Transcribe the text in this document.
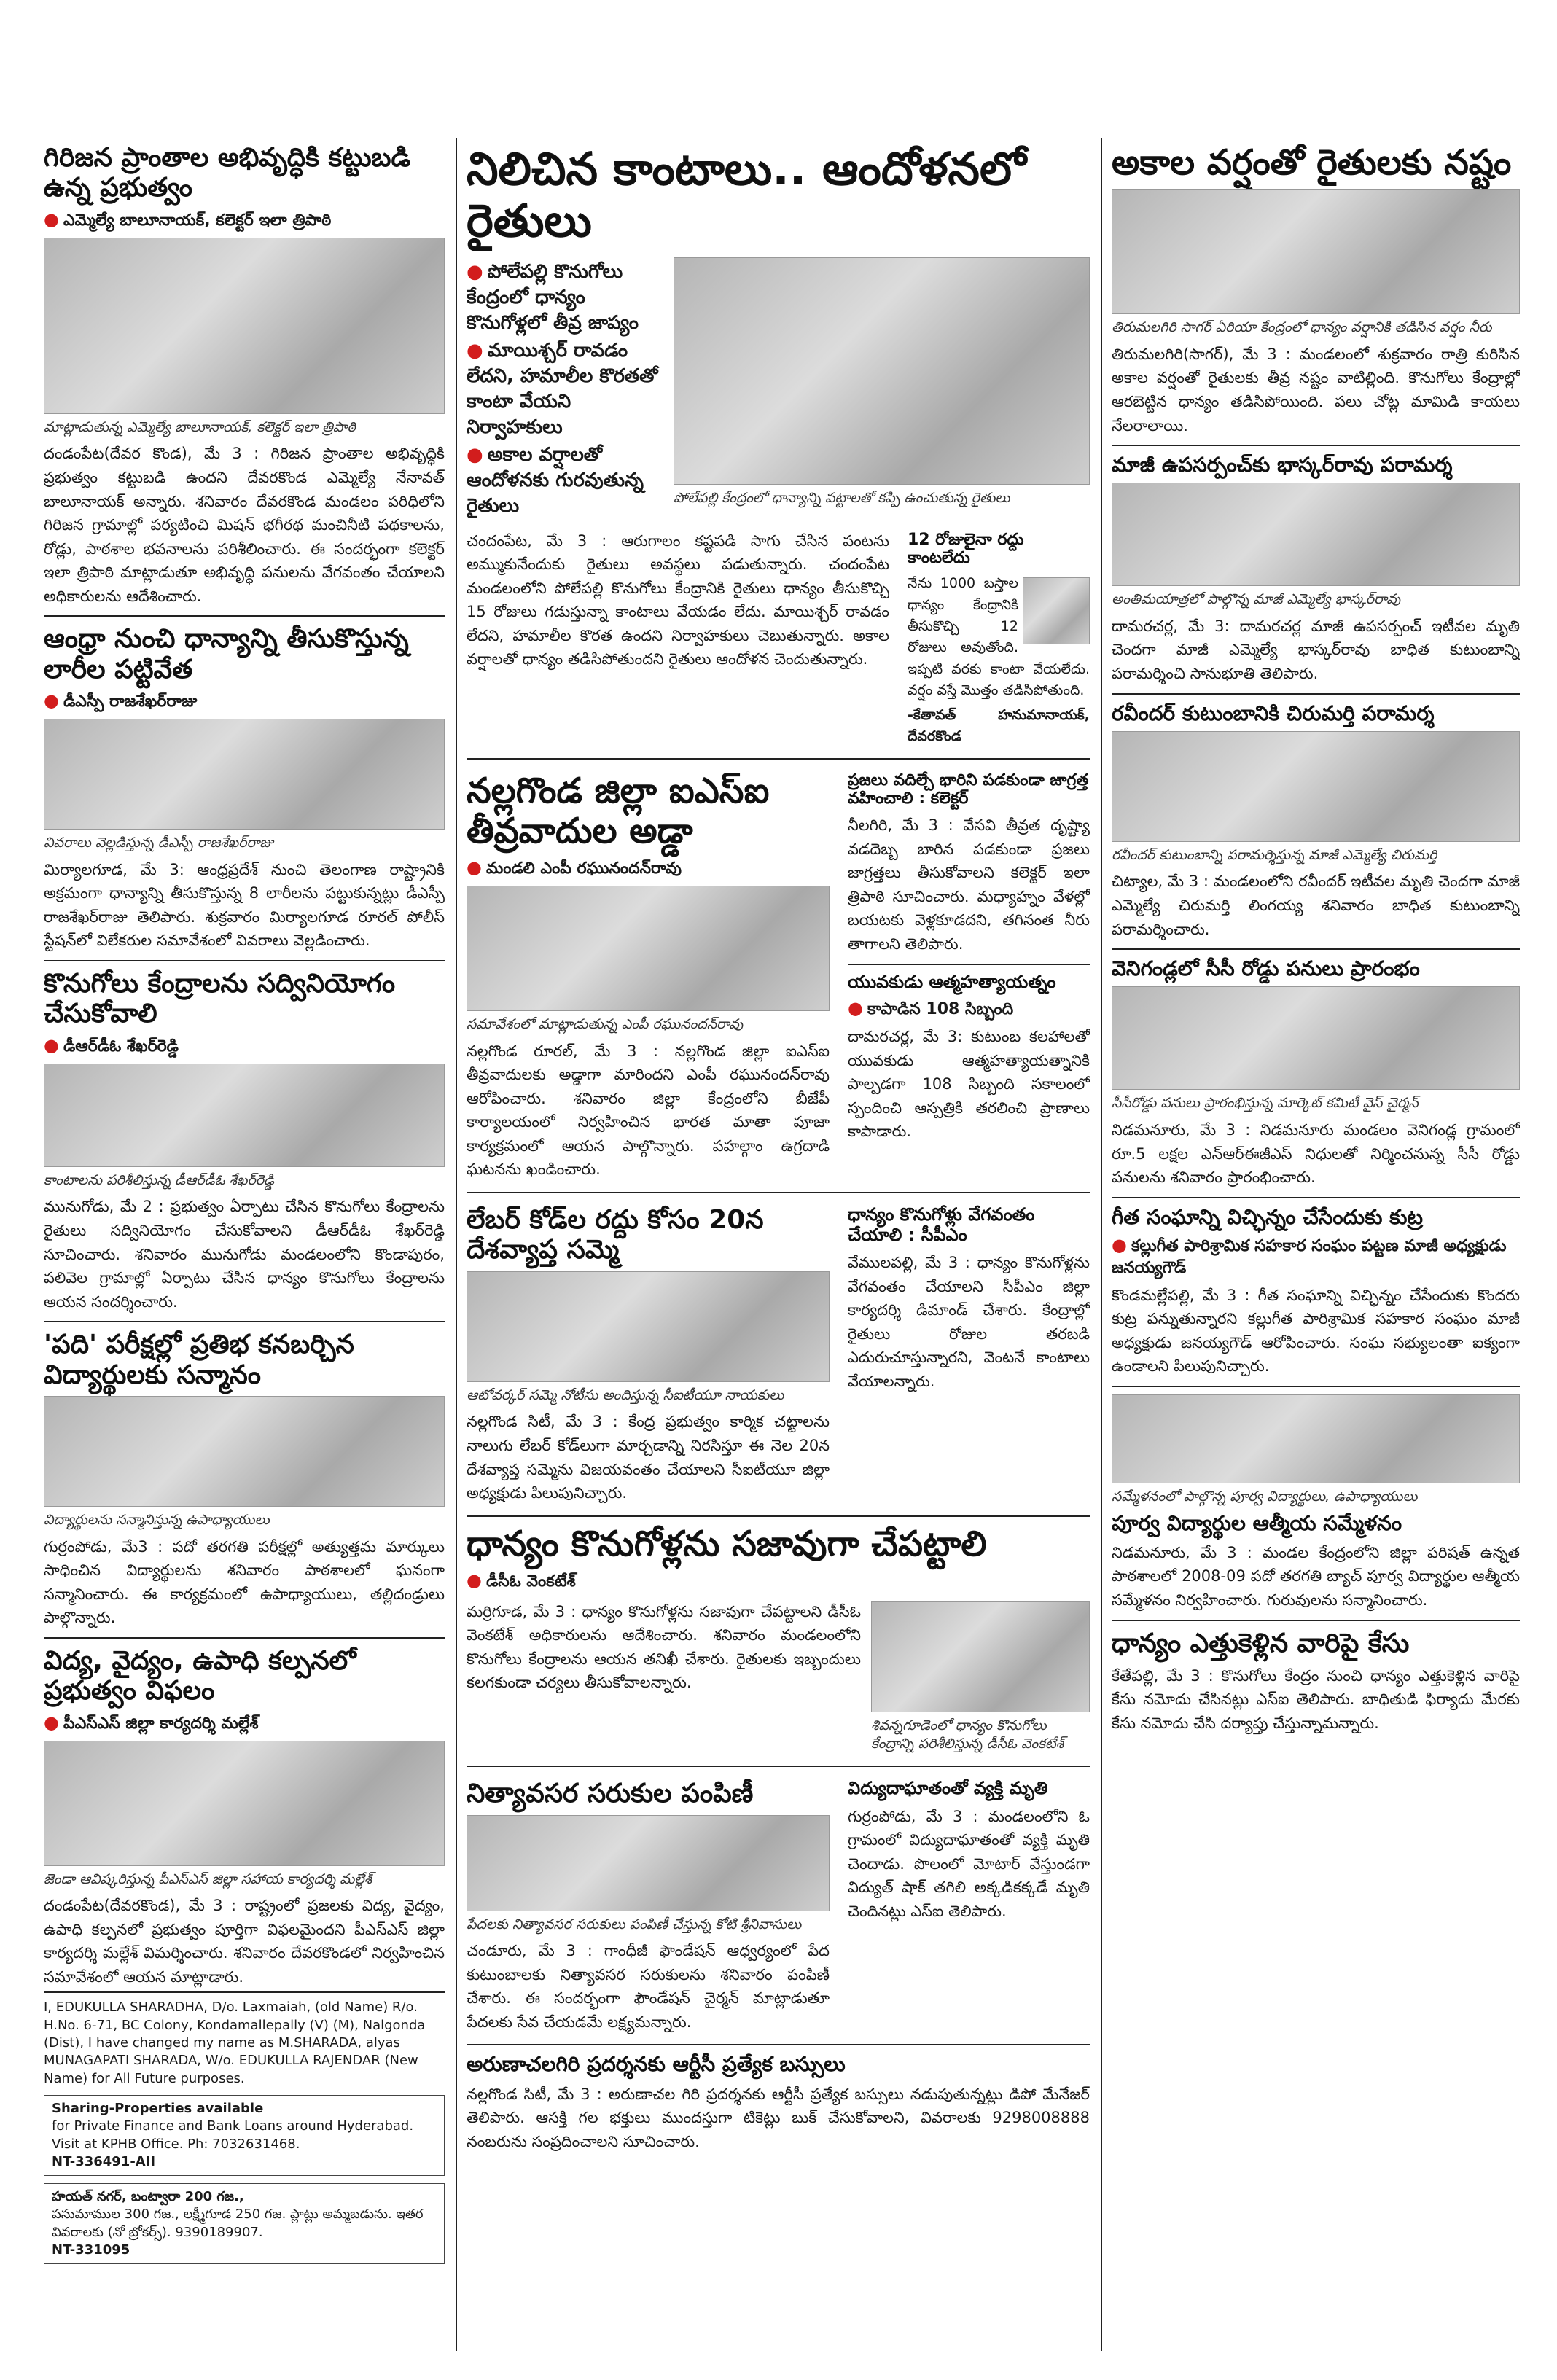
గిరిజన ప్రాంతాల అభివృద్ధికి కట్టుబడి ఉన్న ప్రభుత్వం
● ఎమ్మెల్యే బాలూనాయక్, కలెక్టర్ ఇలా త్రిపాఠి
మాట్లాడుతున్న ఎమ్మెల్యే బాలూనాయక్, కలెక్టర్ ఇలా త్రిపాఠి
దండంపేట(దేవర కొండ), మే 3 : గిరిజన ప్రాంతాల అభివృద్ధికి ప్రభుత్వం కట్టుబడి ఉందని దేవరకొండ ఎమ్మెల్యే నేనావత్ బాలూనాయక్ అన్నారు. శనివారం దేవరకొండ మండలం పరిధిలోని గిరిజన గ్రామాల్లో పర్యటించి మిషన్ భగీరథ మంచినీటి పథకాలను, రోడ్లు, పాఠశాల భవనాలను పరిశీలించారు. ఈ సందర్భంగా కలెక్టర్ ఇలా త్రిపాఠి మాట్లాడుతూ అభివృద్ధి పనులను వేగవంతం చేయాలని అధికారులను ఆదేశించారు.
ఆంధ్రా నుంచి ధాన్యాన్ని తీసుకొస్తున్న లారీల పట్టివేత
● డీఎస్పీ రాజశేఖర్‌రాజు
వివరాలు వెల్లడిస్తున్న డీఎస్పీ రాజశేఖర్‌రాజు
మిర్యాలగూడ, మే 3: ఆంధ్రప్రదేశ్ నుంచి తెలంగాణ రాష్ట్రానికి అక్రమంగా ధాన్యాన్ని తీసుకొస్తున్న 8 లారీలను పట్టుకున్నట్లు డీఎస్పీ రాజశేఖర్‌రాజు తెలిపారు. శుక్రవారం మిర్యాలగూడ రూరల్ పోలీస్ స్టేషన్‌లో విలేకరుల సమావేశంలో వివరాలు వెల్లడించారు.
కొనుగోలు కేంద్రాలను సద్వినియోగం చేసుకోవాలి
● డీఆర్‌డీఓ శేఖర్‌రెడ్డి
కాంటాలను పరిశీలిస్తున్న డీఆర్‌డీఓ శేఖర్‌రెడ్డి
మునుగోడు, మే 2 : ప్రభుత్వం ఏర్పాటు చేసిన కొనుగోలు కేంద్రాలను రైతులు సద్వినియోగం చేసుకోవాలని డీఆర్‌డీఓ శేఖర్‌రెడ్డి సూచించారు. శనివారం మునుగోడు మండలంలోని కొండాపురం, పలివెల గ్రామాల్లో ఏర్పాటు చేసిన ధాన్యం కొనుగోలు కేంద్రాలను ఆయన సందర్శించారు.
'పది' పరీక్షల్లో ప్రతిభ కనబర్చిన విద్యార్థులకు సన్మానం
విద్యార్థులను సన్మానిస్తున్న ఉపాధ్యాయులు
గుర్రంపోడు, మే3 : పదో తరగతి పరీక్షల్లో అత్యుత్తమ మార్కులు సాధించిన విద్యార్థులను శనివారం పాఠశాలలో ఘనంగా సన్మానించారు. ఈ కార్యక్రమంలో ఉపాధ్యాయులు, తల్లిదండ్రులు పాల్గొన్నారు.
విద్య, వైద్యం, ఉపాధి కల్పనలో ప్రభుత్వం విఫలం
● పీఎస్ఎస్ జిల్లా కార్యదర్శి మల్లేశ్
జెండా ఆవిష్కరిస్తున్న పీఎస్ఎస్ జిల్లా సహాయ కార్యదర్శి మల్లేశ్
దండంపేట(దేవరకొండ), మే 3 : రాష్ట్రంలో ప్రజలకు విద్య, వైద్యం, ఉపాధి కల్పనలో ప్రభుత్వం పూర్తిగా విఫలమైందని పీఎస్ఎస్ జిల్లా కార్యదర్శి మల్లేశ్ విమర్శించారు. శనివారం దేవరకొండలో నిర్వహించిన సమావేశంలో ఆయన మాట్లాడారు.
I, EDUKULLA SHARADHA, D/o. Laxmaiah, (old Name) R/o. H.No. 6-71, BC Colony, Kondamallepally (V) (M), Nalgonda (Dist), I have changed my name as M.SHARADA, alyas MUNAGAPATI SHARADA, W/o. EDUKULLA RAJENDAR (New Name) for All Future purposes.
Sharing-Properties available
for Private Finance and Bank Loans around Hyderabad. Visit at KPHB Office. Ph: 7032631468.
NT-336491-AII
హయత్ నగర్, బంట్వారా 200 గజ.,
పసుమాముల 300 గజ., లక్ష్మీగూడ 250 గజ. ప్లాట్లు అమ్మబడును. ఇతర వివరాలకు (నో బ్రోకర్స్). 9390189907.
NT-331095
నిలిచిన కాంటాలు.. ఆందోళనలో రైతులు
● పోలేపల్లి కొనుగోలు కేంద్రంలో ధాన్యం కొనుగోళ్లలో తీవ్ర జాప్యం
● మాయిశ్చర్ రావడం లేదని, హమాలీల కొరతతో కాంటా వేయని నిర్వాహకులు
● అకాల వర్షాలతో ఆందోళనకు గురవుతున్న రైతులు	పోలేపల్లి కేంద్రంలో ధాన్యాన్ని పట్టాలతో కప్పి ఉంచుతున్న రైతులు
చందంపేట, మే 3 : ఆరుగాలం కష్టపడి సాగు చేసిన పంటను అమ్ముకునేందుకు రైతులు అవస్థలు పడుతున్నారు. చందంపేట మండలంలోని పోలేపల్లి కొనుగోలు కేంద్రానికి రైతులు ధాన్యం తీసుకొచ్చి 15 రోజులు గడుస్తున్నా కాంటాలు వేయడం లేదు. మాయిశ్చర్ రావడం లేదని, హమాలీల కొరత ఉందని నిర్వాహకులు చెబుతున్నారు. అకాల వర్షాలతో ధాన్యం తడిసిపోతుందని రైతులు ఆందోళన చెందుతున్నారు.
12 రోజులైనా రద్దు కాంటలేదు
నేను 1000 బస్తాల ధాన్యం కేంద్రానికి తీసుకొచ్చి 12 రోజులు అవుతోంది. ఇప్పటి వరకు కాంటా వేయలేదు. వర్షం వస్తే మొత్తం తడిసిపోతుంది.
-కేతావత్ హనుమానాయక్, దేవరకొండ
నల్లగొండ జిల్లా ఐఎస్ఐ తీవ్రవాదుల అడ్డా
● మండలి ఎంపీ రఘునందన్‌రావు
సమావేశంలో మాట్లాడుతున్న ఎంపీ రఘునందన్‌రావు
నల్లగొండ రూరల్, మే 3 : నల్లగొండ జిల్లా ఐఎస్ఐ తీవ్రవాదులకు అడ్డాగా మారిందని ఎంపీ రఘునందన్‌రావు ఆరోపించారు. శనివారం జిల్లా కేంద్రంలోని బీజేపీ కార్యాలయంలో నిర్వహించిన భారత మాతా పూజా కార్యక్రమంలో ఆయన పాల్గొన్నారు. పహల్గాం ఉగ్రదాడి ఘటనను ఖండించారు.
ప్రజలు వదిల్చే భారిని పడకుండా జాగ్రత్త వహించాలి : కలెక్టర్
నీలగిరి, మే 3 : వేసవి తీవ్రత దృష్ట్యా వడదెబ్బ బారిన పడకుండా ప్రజలు జాగ్రత్తలు తీసుకోవాలని కలెక్టర్ ఇలా త్రిపాఠి సూచించారు. మధ్యాహ్నం వేళల్లో బయటకు వెళ్లకూడదని, తగినంత నీరు తాగాలని తెలిపారు.
యువకుడు ఆత్మహత్యాయత్నం
● కాపాడిన 108 సిబ్బంది
దామరచర్ల, మే 3: కుటుంబ కలహాలతో యువకుడు ఆత్మహత్యాయత్నానికి పాల్పడగా 108 సిబ్బంది సకాలంలో స్పందించి ఆస్పత్రికి తరలించి ప్రాణాలు కాపాడారు.
లేబర్ కోడ్‌ల రద్దు కోసం 20న దేశవ్యాప్త సమ్మె
ఆటోవర్కర్ సమ్మె నోటీసు అందిస్తున్న సీఐటీయూ నాయకులు
నల్లగొండ సిటీ, మే 3 : కేంద్ర ప్రభుత్వం కార్మిక చట్టాలను నాలుగు లేబర్ కోడ్‌లుగా మార్చడాన్ని నిరసిస్తూ ఈ నెల 20న దేశవ్యాప్త సమ్మెను విజయవంతం చేయాలని సీఐటీయూ జిల్లా అధ్యక్షుడు పిలుపునిచ్చారు.
ధాన్యం కొనుగోళ్లు వేగవంతం చేయాలి : సీపీఎం
వేములపల్లి, మే 3 : ధాన్యం కొనుగోళ్లను వేగవంతం చేయాలని సీపీఎం జిల్లా కార్యదర్శి డిమాండ్ చేశారు. కేంద్రాల్లో రైతులు రోజుల తరబడి ఎదురుచూస్తున్నారని, వెంటనే కాంటాలు వేయాలన్నారు.
ధాన్యం కొనుగోళ్లను సజావుగా చేపట్టాలి
● డీసీఓ వెంకటేశ్
మర్రిగూడ, మే 3 : ధాన్యం కొనుగోళ్లను సజావుగా చేపట్టాలని డీసీఓ వెంకటేశ్ అధికారులను ఆదేశించారు. శనివారం మండలంలోని కొనుగోలు కేంద్రాలను ఆయన తనిఖీ చేశారు. రైతులకు ఇబ్బందులు కలగకుండా చర్యలు తీసుకోవాలన్నారు.
శివన్నగూడెంలో ధాన్యం కొనుగోలు కేంద్రాన్ని పరిశీలిస్తున్న డీసీఓ వెంకటేశ్
నిత్యావసర సరుకుల పంపిణీ
పేదలకు నిత్యావసర సరుకులు పంపిణీ చేస్తున్న కోటి శ్రీనివాసులు
చండూరు, మే 3 : గాంధీజీ ఫౌండేషన్ ఆధ్వర్యంలో పేద కుటుంబాలకు నిత్యావసర సరుకులను శనివారం పంపిణీ చేశారు. ఈ సందర్భంగా ఫౌండేషన్ చైర్మన్ మాట్లాడుతూ పేదలకు సేవ చేయడమే లక్ష్యమన్నారు.
విద్యుదాఘాతంతో వ్యక్తి మృతి
గుర్రంపోడు, మే 3 : మండలంలోని ఓ గ్రామంలో విద్యుదాఘాతంతో వ్యక్తి మృతి చెందాడు. పొలంలో మోటార్ వేస్తుండగా విద్యుత్ షాక్ తగిలి అక్కడికక్కడే మృతి చెందినట్లు ఎస్ఐ తెలిపారు.
అరుణాచలగిరి ప్రదర్శనకు ఆర్టీసీ ప్రత్యేక బస్సులు
నల్లగొండ సిటీ, మే 3 : అరుణాచల గిరి ప్రదర్శనకు ఆర్టీసీ ప్రత్యేక బస్సులు నడుపుతున్నట్లు డిపో మేనేజర్ తెలిపారు. ఆసక్తి గల భక్తులు ముందస్తుగా టికెట్లు బుక్ చేసుకోవాలని, వివరాలకు 9298008888 నంబరును సంప్రదించాలని సూచించారు.
అకాల వర్షంతో రైతులకు నష్టం
తిరుమలగిరి సాగర్ ఏరియా కేంద్రంలో ధాన్యం వర్షానికి తడిసిన వర్షం నీరు
తిరుమలగిరి(సాగర్), మే 3 : మండలంలో శుక్రవారం రాత్రి కురిసిన అకాల వర్షంతో రైతులకు తీవ్ర నష్టం వాటిల్లింది. కొనుగోలు కేంద్రాల్లో ఆరబెట్టిన ధాన్యం తడిసిపోయింది. పలు చోట్ల మామిడి కాయలు నేలరాలాయి.
మాజీ ఉపసర్పంచ్‌కు భాస్కర్‌రావు పరామర్శ
అంతిమయాత్రలో పాల్గొన్న మాజీ ఎమ్మెల్యే భాస్కర్‌రావు
దామరచర్ల, మే 3: దామరచర్ల మాజీ ఉపసర్పంచ్ ఇటీవల మృతి చెందగా మాజీ ఎమ్మెల్యే భాస్కర్‌రావు బాధిత కుటుంబాన్ని పరామర్శించి సానుభూతి తెలిపారు.
రవీందర్ కుటుంబానికి చిరుమర్తి పరామర్శ
రవీందర్ కుటుంబాన్ని పరామర్శిస్తున్న మాజీ ఎమ్మెల్యే చిరుమర్తి
చిట్యాల, మే 3 : మండలంలోని రవీందర్ ఇటీవల మృతి చెందగా మాజీ ఎమ్మెల్యే చిరుమర్తి లింగయ్య శనివారం బాధిత కుటుంబాన్ని పరామర్శించారు.
వెనిగండ్లలో సీసీ రోడ్డు పనులు ప్రారంభం
సీసీరోడ్డు పనులు ప్రారంభిస్తున్న మార్కెట్ కమిటీ వైస్ చైర్మన్
నిడమనూరు, మే 3 : నిడమనూరు మండలం వెనిగండ్ల గ్రామంలో రూ.5 లక్షల ఎన్‌ఆర్‌ఈజీఎస్ నిధులతో నిర్మించనున్న సీసీ రోడ్డు పనులను శనివారం ప్రారంభించారు.
గీత సంఘాన్ని విచ్ఛిన్నం చేసేందుకు కుట్ర
● కల్లుగీత పారిశ్రామిక సహకార సంఘం పట్టణ మాజీ అధ్యక్షుడు జనయ్యగౌడ్
కొండమల్లేపల్లి, మే 3 : గీత సంఘాన్ని విచ్ఛిన్నం చేసేందుకు కొందరు కుట్ర పన్నుతున్నారని కల్లుగీత పారిశ్రామిక సహకార సంఘం మాజీ అధ్యక్షుడు జనయ్యగౌడ్ ఆరోపించారు. సంఘ సభ్యులంతా ఐక్యంగా ఉండాలని పిలుపునిచ్చారు.
సమ్మేళనంలో పాల్గొన్న పూర్వ విద్యార్థులు, ఉపాధ్యాయులు
పూర్వ విద్యార్థుల ఆత్మీయ సమ్మేళనం
నిడమనూరు, మే 3 : మండల కేంద్రంలోని జిల్లా పరిషత్ ఉన్నత పాఠశాలలో 2008-09 పదో తరగతి బ్యాచ్ పూర్వ విద్యార్థుల ఆత్మీయ సమ్మేళనం నిర్వహించారు. గురువులను సన్మానించారు.
ధాన్యం ఎత్తుకెళ్లిన వారిపై కేసు
కేతేపల్లి, మే 3 : కొనుగోలు కేంద్రం నుంచి ధాన్యం ఎత్తుకెళ్లిన వారిపై కేసు నమోదు చేసినట్లు ఎస్ఐ తెలిపారు. బాధితుడి ఫిర్యాదు మేరకు కేసు నమోదు చేసి దర్యాప్తు చేస్తున్నామన్నారు.
